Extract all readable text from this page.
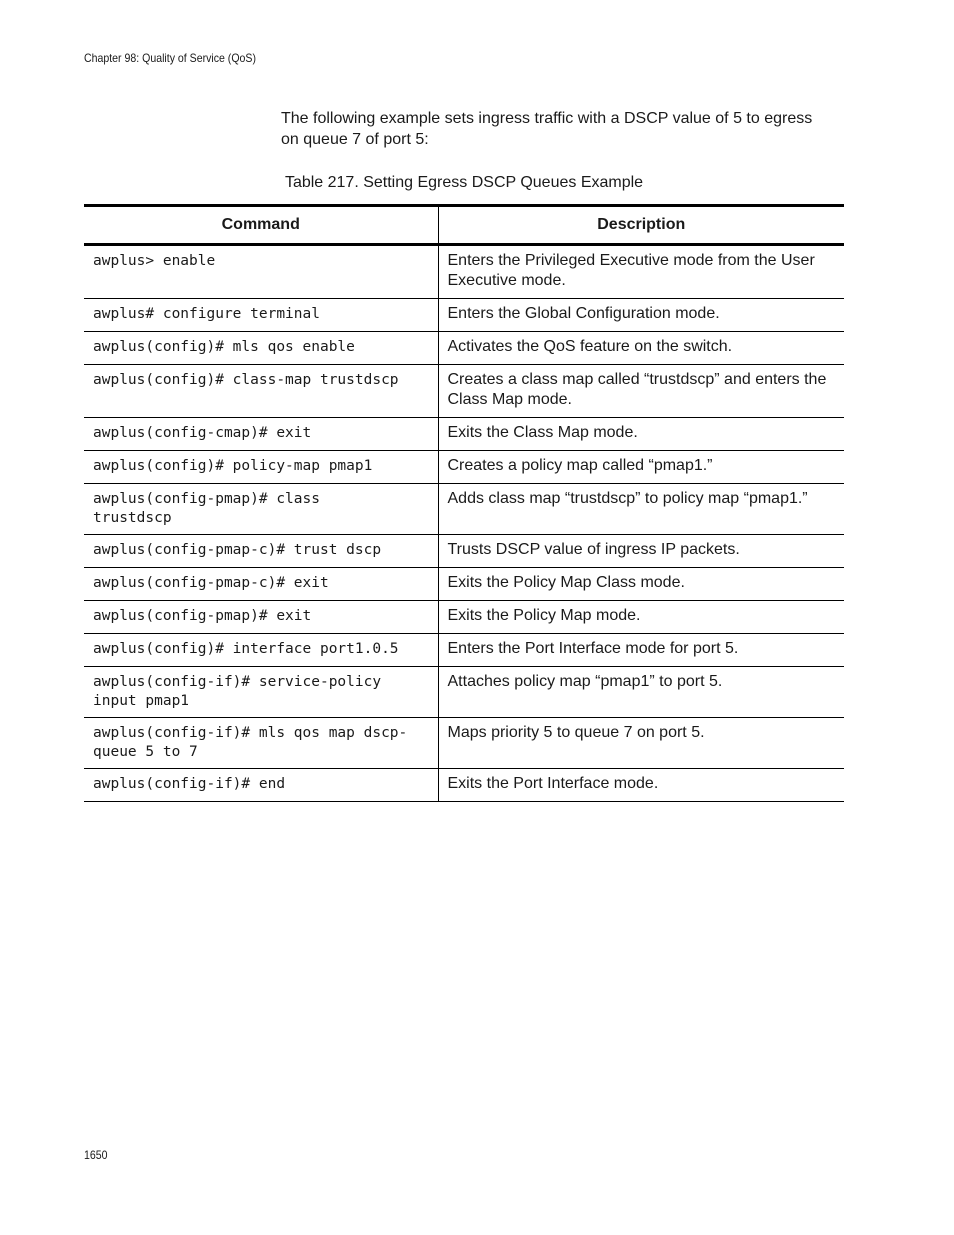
Chapter 98: Quality of Service (QoS)

The following example sets ingress traffic with a DSCP value of 5 to egress on queue 7 of port 5:

Table 217. Setting Egress DSCP Queues Example

Command	Description
awplus> enable	Enters the Privileged Executive mode from the User Executive mode.
awplus# configure terminal	Enters the Global Configuration mode.
awplus(config)# mls qos enable	Activates the QoS feature on the switch.
awplus(config)# class-map trustdscp	Creates a class map called “trustdscp” and enters the Class Map mode.
awplus(config-cmap)# exit	Exits the Class Map mode.
awplus(config)# policy-map pmap1	Creates a policy map called “pmap1.”
awplus(config-pmap)# class
trustdscp	Adds class map “trustdscp” to policy map “pmap1.”
awplus(config-pmap-c)# trust dscp	Trusts DSCP value of ingress IP packets.
awplus(config-pmap-c)# exit	Exits the Policy Map Class mode.
awplus(config-pmap)# exit	Exits the Policy Map mode.
awplus(config)# interface port1.0.5	Enters the Port Interface mode for port 5.
awplus(config-if)# service-policy
input pmap1	Attaches policy map “pmap1” to port 5.
awplus(config-if)# mls qos map dscp-
queue 5 to 7	Maps priority 5 to queue 7 on port 5.
awplus(config-if)# end	Exits the Port Interface mode.
1650
